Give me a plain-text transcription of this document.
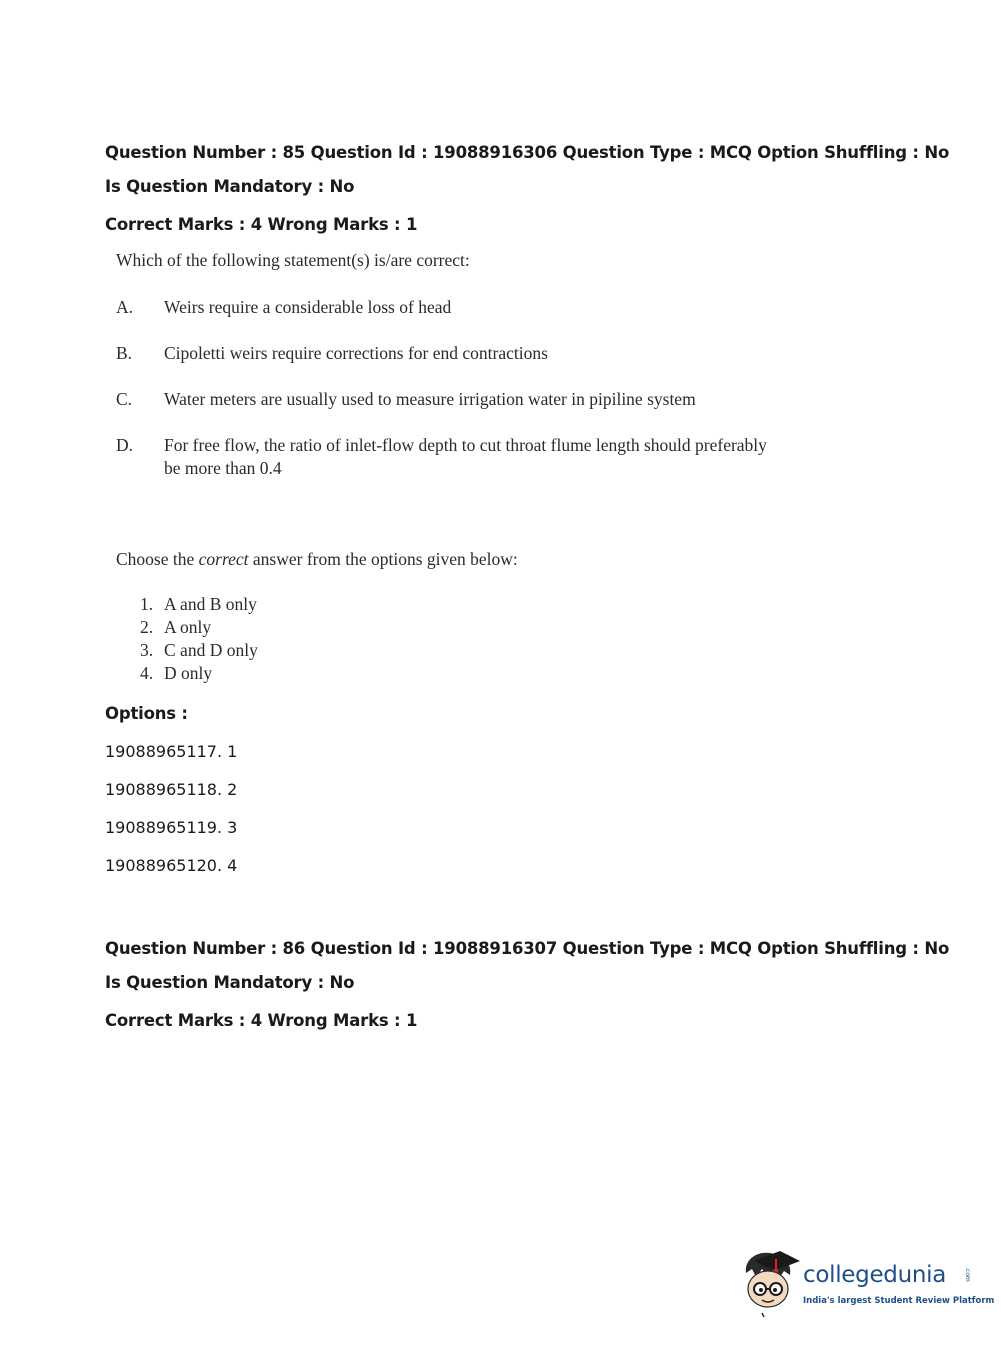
Question Number : 85 Question Id : 19088916306 Question Type : MCQ Option Shuffling : No
Is Question Mandatory : No
Correct Marks : 4 Wrong Marks : 1
Which of the following statement(s) is/are correct:
A. Weirs require a considerable loss of head
B. Cipoletti weirs require corrections for end contractions
C. Water meters are usually used to measure irrigation water in pipiline system
D. For free flow, the ratio of inlet-flow depth to cut throat flume length should preferably
be more than 0.4
Choose the correct answer from the options given below:
1. A and B only
2. A only
3. C and D only
4. D only
Options :
19088965117. 1
19088965118. 2
19088965119. 3
19088965120. 4
Question Number : 86 Question Id : 19088916307 Question Type : MCQ Option Shuffling : No
Is Question Mandatory : No
Correct Marks : 4 Wrong Marks : 1
collegedunia	.com
India's largest Student Review Platform
